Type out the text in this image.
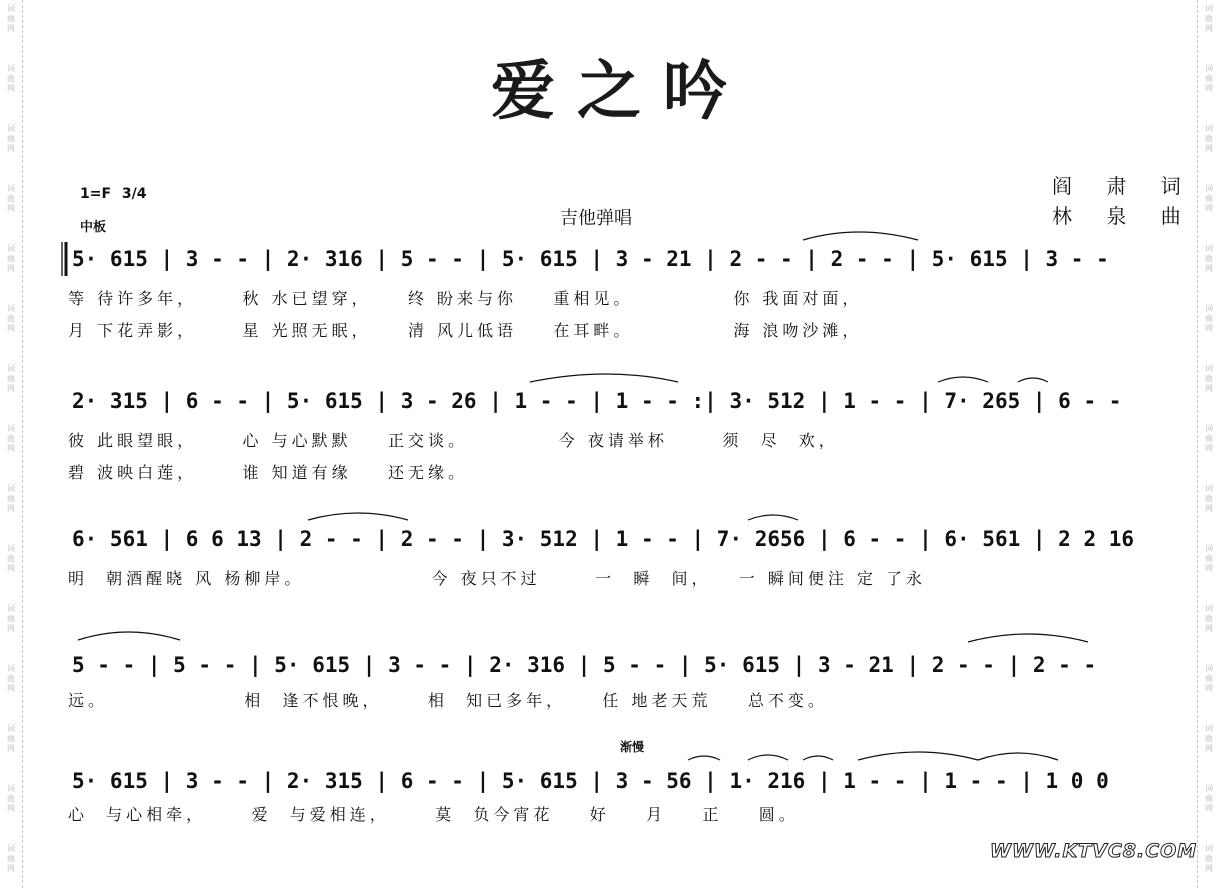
词
曲
网
词
曲
网
词
曲
网
词
曲
网
词
曲
网
词
曲
网
词
曲
网
词
曲
网
词
曲
网
词
曲
网
词
曲
网
词
曲
网
词
曲
网
词
曲
网
词
曲
网
词
曲
网
词
曲
网
词
曲
网
词
曲
网
词
曲
网
词
曲
网
词
曲
网
词
曲
网
词
曲
网
词
曲
网
词
曲
网
词
曲
网
词
曲
网
词
曲
网
词
曲
网
爱之吟
1=F 3/4
中板	吉他弹唱
阎 肃 词
林 泉 曲
渐慢
5· 615 | 3 - - | 2· 316 | 5 - - | 5· 615 | 3 - 21 | 2 - - | 2 - - | 5· 615 | 3 - -
等 待许多年，     秋 水已望穿，    终 盼来与你    重相见。           你 我面对面，
月 下花弄影，     星 光照无眠，    清 风儿低语    在耳畔。           海 浪吻沙滩，
2· 315 | 6 - - | 5· 615 | 3 - 26 | 1 - - | 1 - - :| 3· 512 | 1 - - | 7· 265 | 6 - -
彼 此眼望眼，     心 与心默默    正交谈。          今 夜请举杯      须  尽  欢，
碧 波映白莲，     谁 知道有缘    还无缘。
6· 561 | 6 6 13 | 2 - - | 2 - - | 3· 512 | 1 - - | 7· 2656 | 6 - - | 6· 561 | 2 2 16
明  朝酒醒晓 风 杨柳岸。              今 夜只不过      一  瞬  间，   一 瞬间便注 定 了永
5 - - | 5 - - | 5· 615 | 3 - - | 2· 316 | 5 - - | 5· 615 | 3 - 21 | 2 - - | 2 - -
远。               相  逢不恨晚，     相  知已多年，    任 地老天荒    总不变。
5· 615 | 3 - - | 2· 315 | 6 - - | 5· 615 | 3 - 56 | 1· 216 | 1 - - | 1 - - | 1 0 0
心  与心相牵，     爱  与爱相连，     莫  负今宵花    好    月    正    圆。
WWW.KTVC8.COM
